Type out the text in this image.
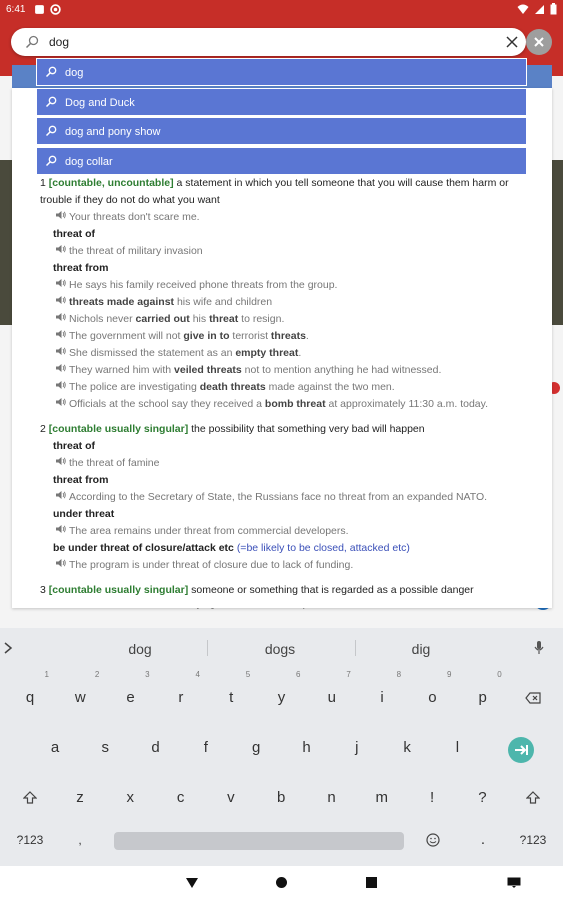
6:41
1 [countable, uncountable] a statement in which you tell someone that you will cause them harm or trouble if they do not do what you want
Your threats don't scare me.
threat of
the threat of military invasion
threat from
He says his family received phone threats from the group.
threats made against his wife and children
Nichols never carried out his threat to resign.
The government will not give in to terrorist threats.
She dismissed the statement as an empty threat.
They warned him with veiled threats not to mention anything he had witnessed.
The police are investigating death threats made against the two men.
Officials at the school say they received a bomb threat at approximately 11:30 a.m. today.
2 [countable usually singular] the possibility that something very bad will happen
threat of
the threat of famine
threat from
According to the Secretary of State, the Russians face no threat from an expanded NATO.
under threat
The area remains under threat from commercial developers.
be under threat of closure/attack etc (=be likely to be closed, attacked etc)
The program is under threat of closure due to lack of funding.
3 [countable usually singular] someone or something that is regarded as a possible danger
dog
dog
Dog and Duck
dog and pony show
dog collar
dog	dogs	dig
q
1
w
2
e
3
r
4
t
5
y
6
u
7
i
8
o
9
p
0
a	s	d	f	g	h	j	k	l
z	x	c	v	b	n	m	!	?
?123	,	.	?123
